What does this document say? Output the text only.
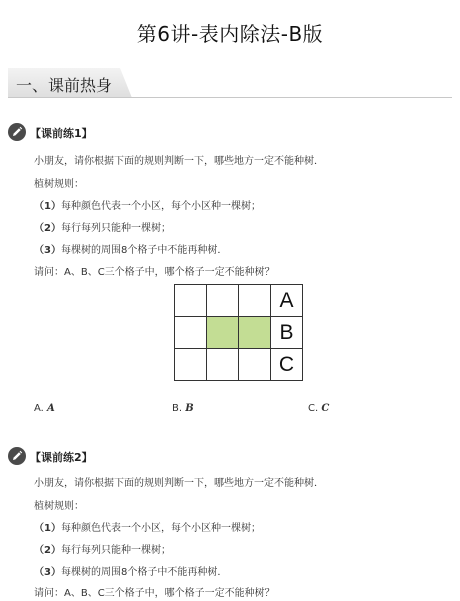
第6讲-表内除法-B版
一、课前热身
【课前练1】
小朋友，请你根据下面的规则判断一下，哪些地方一定不能种树．
植树规则：
（1）每种颜色代表一个小区，每个小区种一棵树；
（2）每行每列只能种一棵树；
（3）每棵树的周围8个格子中不能再种树．
请问：A、B、C三个格子中，哪个格子一定不能种树？
			A
			B
			C
A. A	B. B	C. C
【课前练2】
小朋友，请你根据下面的规则判断一下，哪些地方一定不能种树．
植树规则：
（1）每种颜色代表一个小区，每个小区种一棵树；
（2）每行每列只能种一棵树；
（3）每棵树的周围8个格子中不能再种树．
请问：A、B、C三个格子中，哪个格子一定不能种树？
